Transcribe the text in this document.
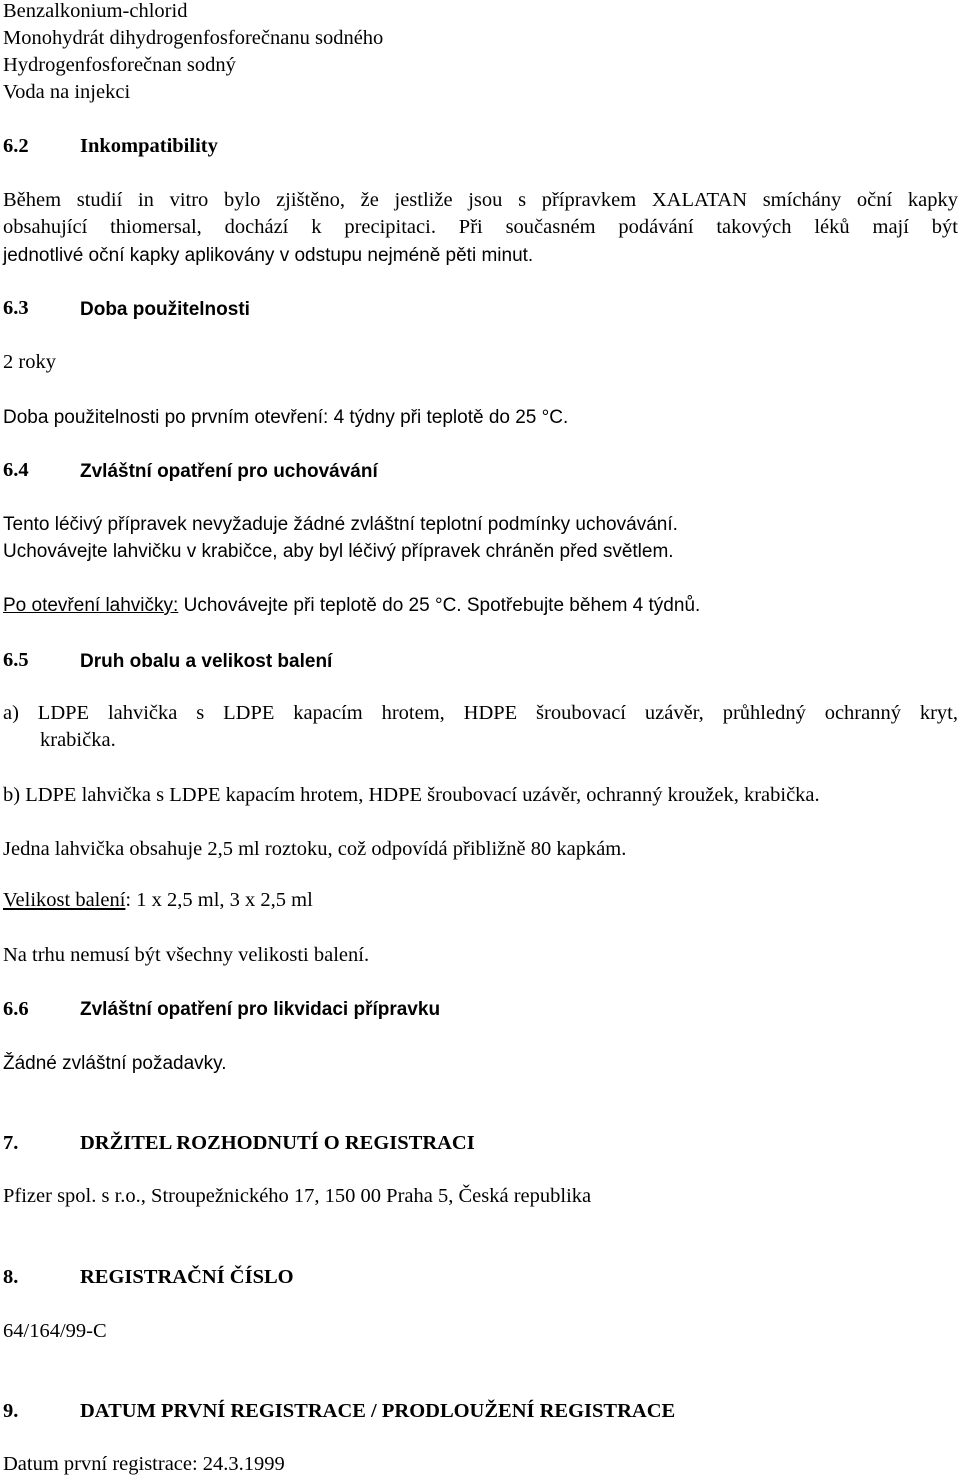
Benzalkonium-chlorid
Monohydrát dihydrogenfosforečnanu sodného
Hydrogenfosforečnan sodný
Voda na injekci
6.2	Inkompatibility
Během studií in vitro bylo zjištěno, že jestliže jsou s přípravkem XALATAN smíchány oční kapky
obsahující thiomersal, dochází k precipitaci. Při současném podávání takových léků mají být
jednotlivé oční kapky aplikovány v odstupu nejméně pěti minut.
6.3	Doba použitelnosti
2 roky
Doba použitelnosti po prvním otevření: 4 týdny při teplotě do 25 °C.
6.4	Zvláštní opatření pro uchovávání
Tento léčivý přípravek nevyžaduje žádné zvláštní teplotní podmínky uchovávání.
Uchovávejte lahvičku v krabičce, aby byl léčivý přípravek chráněn před světlem.
Po otevření lahvičky: Uchovávejte při teplotě do 25 °C. Spotřebujte během 4 týdnů.
6.5	Druh obalu a velikost balení
a) LDPE lahvička s LDPE kapacím hrotem, HDPE šroubovací uzávěr, průhledný ochranný kryt,
krabička.
b) LDPE lahvička s LDPE kapacím hrotem, HDPE šroubovací uzávěr, ochranný kroužek, krabička.
Jedna lahvička obsahuje 2,5 ml roztoku, což odpovídá přibližně 80 kapkám.
Velikost balení: 1 x 2,5 ml, 3 x 2,5 ml
Na trhu nemusí být všechny velikosti balení.
6.6	Zvláštní opatření pro likvidaci přípravku
Žádné zvláštní požadavky.
7.	DRŽITEL ROZHODNUTÍ O REGISTRACI
Pfizer spol. s r.o., Stroupežnického 17, 150 00 Praha 5, Česká republika
8.	REGISTRAČNÍ ČÍSLO
64/164/99-C
9.	DATUM PRVNÍ REGISTRACE / PRODLOUŽENÍ REGISTRACE
Datum první registrace: 24.3.1999
